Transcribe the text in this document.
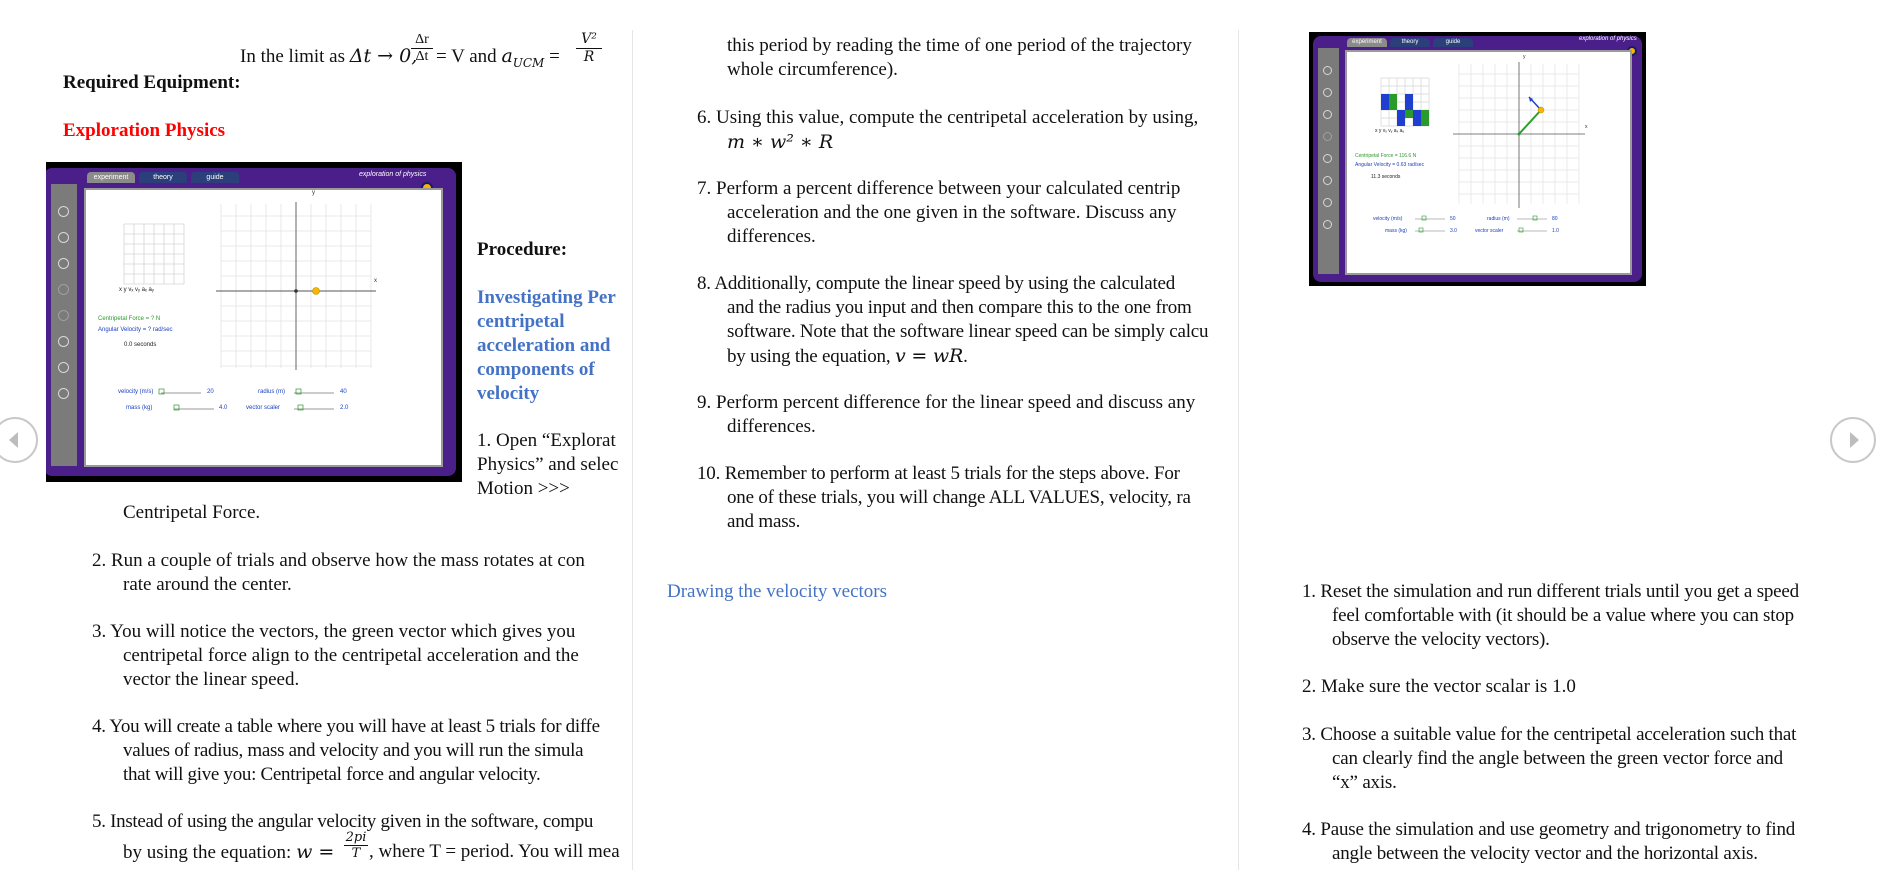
In the limit as Δt → 0,
$\frac{\Delta r}{\Delta t} = V$ and $a_{UCM} = \frac{\text{V²}}{R}$
Required Equipment:
Exploration Physics
experiment	theory	guide	exploration of physics
x y vₓ vᵧ aₓ aᵧ
Centripetal Force = ? N
Angular Velocity = ? rad/sec
0.0 seconds
y
x
velocity (m/s)	20
mass (kg)	4.0
radius (m)	40
vector scaler	2.0
Procedure:
Investigating Per
centripetal
acceleration and
components of
velocity
1. Open “Explorat
Physics” and selec
Motion >>>
Centripetal Force.
2. Run a couple of trials and observe how the mass rotates at con
rate around the center.
3. You will notice the vectors, the green vector which gives you
centripetal force align to the centripetal acceleration and the
vector the linear speed.
4. You will create a table where you will have at least 5 trials for diffe
values of radius, mass and velocity and you will run the simula
that will give you: Centripetal force and angular velocity.
5. Instead of using the angular velocity given in the software, compu
by using the equation: $w = \frac{2pi}{T}$ , where T = period. You will mea
this period by reading the time of one period of the trajectory
whole circumference).
6. Using this value, compute the centripetal acceleration by using,
m ∗ w² ∗ R
7. Perform a percent difference between your calculated centrip
acceleration and the one given in the software. Discuss any
differences.
8. Additionally, compute the linear speed by using the calculated
and the radius you input and then compare this to the one from
software. Note that the software linear speed can be simply calcu
by using the equation, v = wR.
9. Perform percent difference for the linear speed and discuss any
differences.
10. Remember to perform at least 5 trials for the steps above. For
one of these trials, you will change ALL VALUES, velocity, ra
and mass.
Drawing the velocity vectors
experiment	theory	guide	exploration of physics
x y vₓ vᵧ aₓ aᵧ
Centripetal Force = 116.6 N
Angular Velocity = 0.63 rad/sec
11.3 seconds
y
x
velocity (m/s)	50
mass (kg)	3.0
radius (m)	80
vector scaler	1.0
1. Reset the simulation and run different trials until you get a speed
feel comfortable with (it should be a value where you can stop
observe the velocity vectors).
2. Make sure the vector scalar is 1.0
3. Choose a suitable value for the centripetal acceleration such that
can clearly find the angle between the green vector force and
“x” axis.
4. Pause the simulation and use geometry and trigonometry to find
angle between the velocity vector and the horizontal axis.
